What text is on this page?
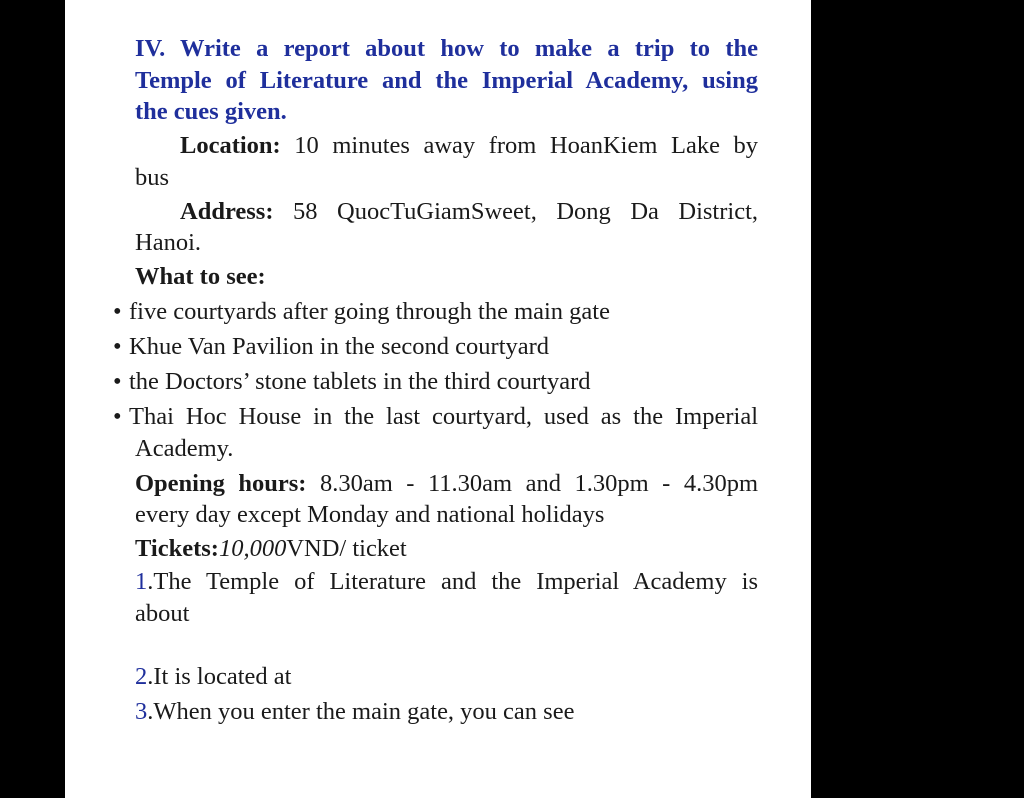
IV. Write a report about how to make a trip to the

Temple of Literature and the Imperial Academy, using

the cues given.

Location: 10 minutes away from HoanKiem Lake by

bus

Address: 58 QuocTuGiamSweet, Dong Da District,

Hanoi.

What to see:

• five courtyards after going through the main gate

• Khue Van Pavilion in the second courtyard

• the Doctors’ stone tablets in the third courtyard

• Thai Hoc House in the last courtyard, used as the Imperial

Academy.

Opening hours: 8.30am - 11.30am and 1.30pm - 4.30pm

every day except Monday and national holidays

Tickets:10,000VND/ ticket

1.The Temple of Literature and the Imperial Academy is

about

2.It is located at

3.When you enter the main gate, you can see
